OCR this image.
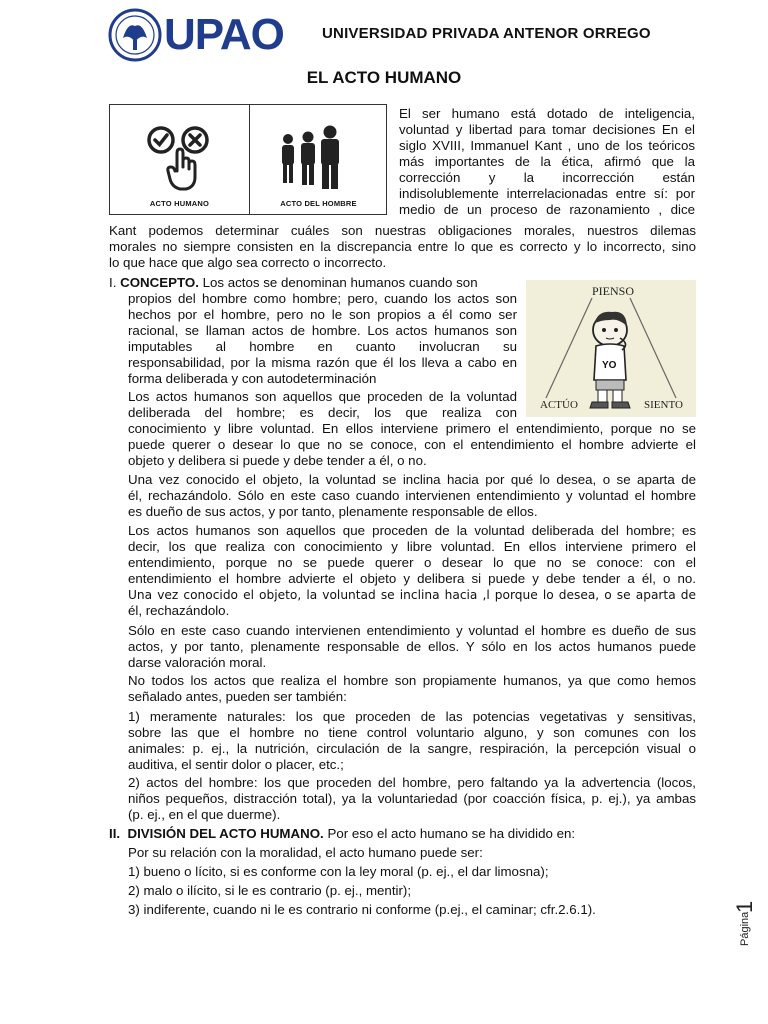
UPAO	UNIVERSIDAD PRIVADA ANTENOR ORREGO
EL ACTO HUMANO
ACTO HUMANO	ACTO DEL HOMBRE
El ser humano está dotado de inteligencia,
voluntad y libertad para tomar decisiones En el
siglo XVIII, Immanuel Kant , uno de los teóricos
más importantes de la ética, afirmó que la
corrección y la incorrección están
indisolublemente interrelacionadas entre sí: por
medio de un proceso de razonamiento , dice
Kant podemos determinar cuáles son nuestras obligaciones morales, nuestros dilemas
morales no siempre consisten en la discrepancia entre lo que es correcto y lo incorrecto, sino
lo que hace que algo sea correcto o incorrecto.
I. CONCEPTO. Los actos se denominan humanos cuando son
propios del hombre como hombre; pero, cuando los actos son
hechos por el hombre, pero no le son propios a él como ser
racional, se llaman actos de hombre. Los actos humanos son
imputables al hombre en cuanto involucran su
responsabilidad, por la misma razón que él los lleva a cabo en
forma deliberada y con autodeterminación
PIENSO
ACTÚO	SIENTO
YO
Los actos humanos son aquellos que proceden de la voluntad
deliberada del hombre; es decir, los que realiza con
conocimiento y libre voluntad. En ellos interviene primero el entendimiento, porque no se
puede querer o desear lo que no se conoce, con el entendimiento el hombre advierte el
objeto y delibera si puede y debe tender a él, o no.
Una vez conocido el objeto, la voluntad se inclina hacia por qué lo desea, o se aparta de
él, rechazándolo. Sólo en este caso cuando intervienen entendimiento y voluntad el hombre
es dueño de sus actos, y por tanto, plenamente responsable de ellos.
Los actos humanos son aquellos que proceden de la voluntad deliberada del hombre; es
decir, los que realiza con conocimiento y libre voluntad. En ellos interviene primero el
entendimiento, porque no se puede querer o desear lo que no se conoce: con el
entendimiento el hombre advierte el objeto y delibera si puede y debe tender a él, o no.
Una vez conocido el objeto, la voluntad se inclina hacia ,l porque lo desea, o se aparta de
él, rechazándolo.
Sólo en este caso cuando intervienen entendimiento y voluntad el hombre es dueño de sus
actos, y por tanto, plenamente responsable de ellos. Y sólo en los actos humanos puede
darse valoración moral.
No todos los actos que realiza el hombre son propiamente humanos, ya que como hemos
señalado antes, pueden ser también:
1) meramente naturales: los que proceden de las potencias vegetativas y sensitivas,
sobre las que el hombre no tiene control voluntario alguno, y son comunes con los
animales: p. ej., la nutrición, circulación de la sangre, respiración, la percepción visual o
auditiva, el sentir dolor o placer, etc.;
2) actos del hombre: los que proceden del hombre, pero faltando ya la advertencia (locos,
niños pequeños, distracción total), ya la voluntariedad (por coacción física, p. ej.), ya ambas
(p. ej., en el que duerme).
II. DIVISIÓN DEL ACTO HUMANO. Por eso el acto humano se ha dividido en:
Por su relación con la moralidad, el acto humano puede ser:
1) bueno o lícito, si es conforme con la ley moral (p. ej., el dar limosna);
2) malo o ilícito, si le es contrario (p. ej., mentir);
3) indiferente, cuando ni le es contrario ni conforme (p.ej., el caminar; cfr.2.6.1).
Página
1
